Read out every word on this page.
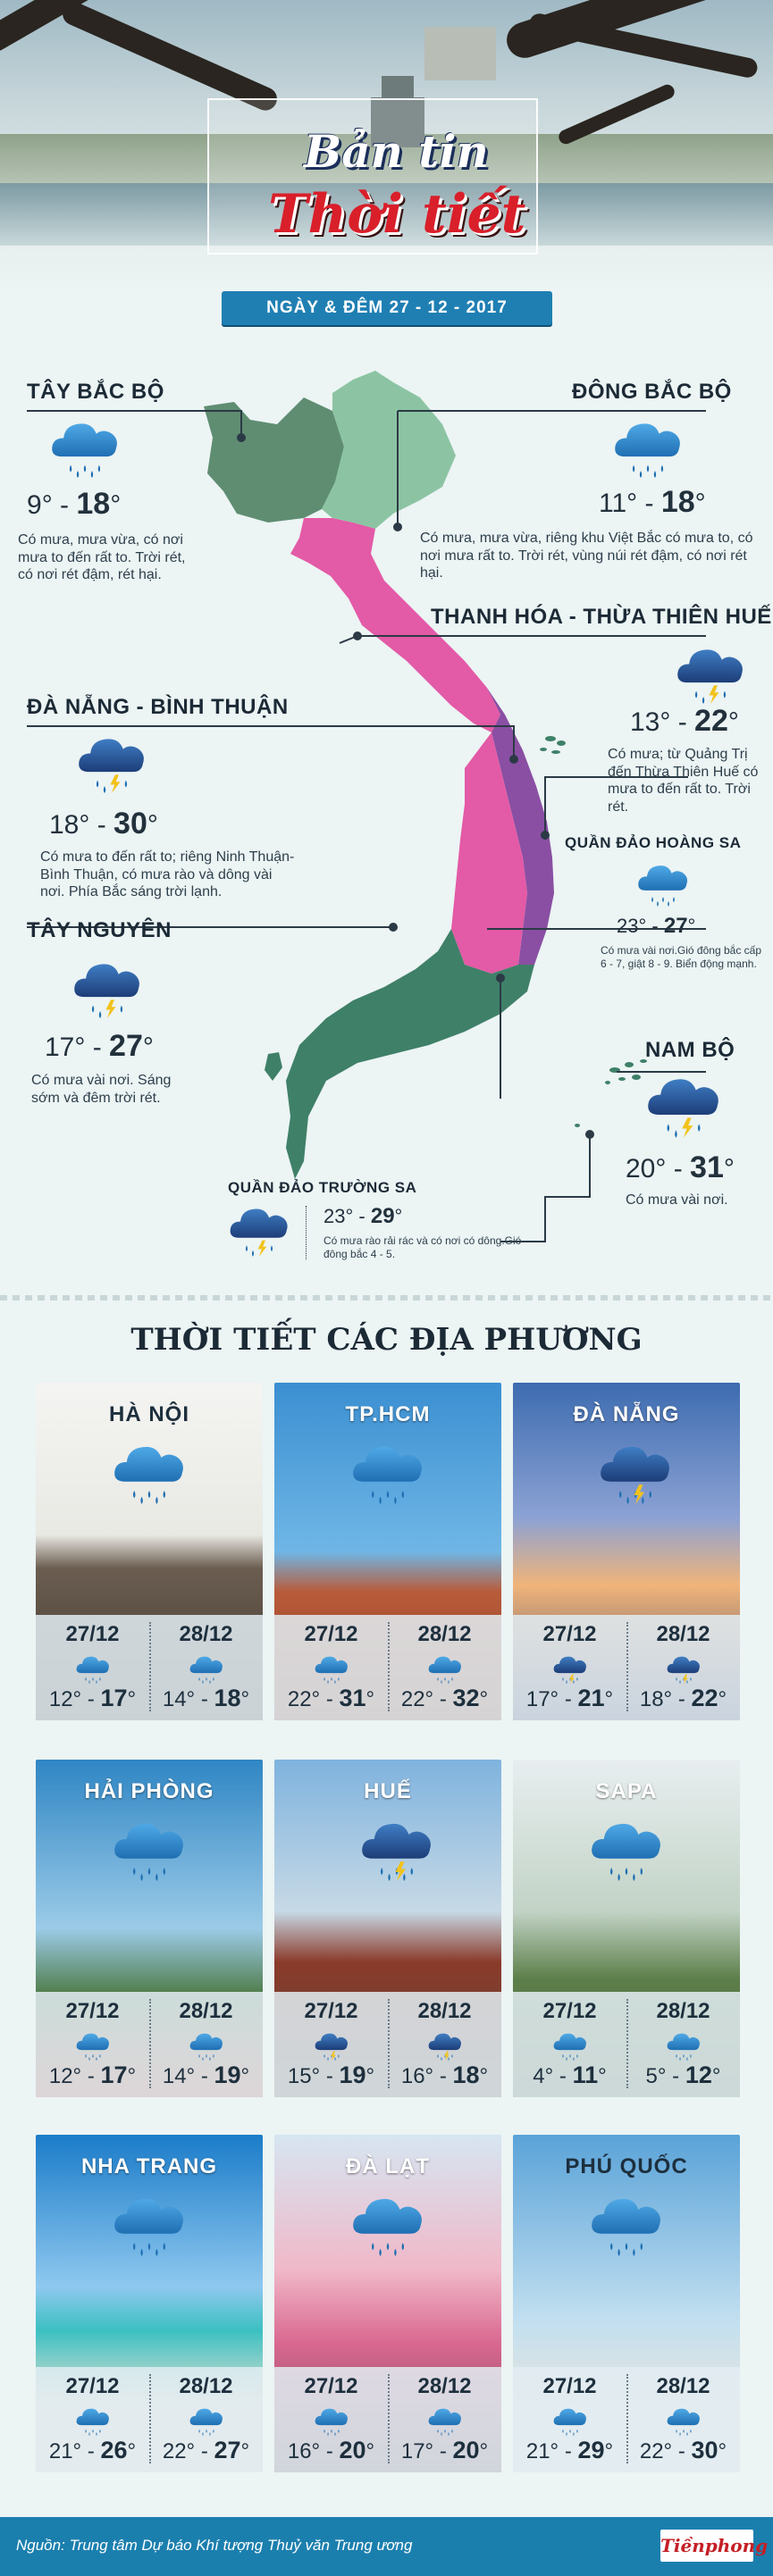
Bản tin
Thời tiết
NGÀY & ĐÊM 27 - 12 - 2017
TÂY BẮC BỘ
9° - 18°
Có mưa, mưa vừa, có nơi mưa to đến rất to. Trời rét, có nơi rét đậm, rét hại.
ĐÔNG BẮC BỘ
11° - 18°
Có mưa, mưa vừa, riêng khu Việt Bắc có mưa to, có nơi mưa rất to. Trời rét, vùng núi rét đậm, có nơi rét hại.
THANH HÓA - THỪA THIÊN HUẾ
13° - 22°
Có mưa; từ Quảng Trị đến Thừa Thiên Huế có mưa to đến rất to. Trời rét.
ĐÀ NẴNG - BÌNH THUẬN
18° - 30°
Có mưa to đến rất to; riêng Ninh Thuận-Bình Thuận, có mưa rào và dông vài nơi. Phía Bắc sáng trời lạnh.
QUẦN ĐẢO HOÀNG SA
23° - 27°
Có mưa vài nơi.Gió đông bắc cấp 6 - 7, giật 8 - 9. Biển động mạnh.
TÂY NGUYÊN
17° - 27°
Có mưa vài nơi. Sáng sớm và đêm trời rét.
NAM BỘ
20° - 31°
Có mưa vài nơi.
QUẦN ĐẢO TRƯỜNG SA
23° - 29°
Có mưa rào rải rác và có nơi có dông.Gió đông bắc 4 - 5.
THỜI TIẾT CÁC ĐỊA PHƯƠNG
HÀ NỘI
27/12
12° - 17°
28/12
14° - 18°
TP.HCM
27/12
22° - 31°
28/12
22° - 32°
ĐÀ NẴNG
27/12
17° - 21°
28/12
18° - 22°
HẢI PHÒNG
27/12
12° - 17°
28/12
14° - 19°
HUẾ
27/12
15° - 19°
28/12
16° - 18°
SAPA
27/12
4° - 11°
28/12
5° - 12°
NHA TRANG
27/12
21° - 26°
28/12
22° - 27°
ĐÀ LẠT
27/12
16° - 20°
28/12
17° - 20°
PHÚ QUỐC
27/12
21° - 29°
28/12
22° - 30°
Nguồn: Trung tâm Dự báo Khí tượng Thuỷ văn Trung ương	Tiềnphong
